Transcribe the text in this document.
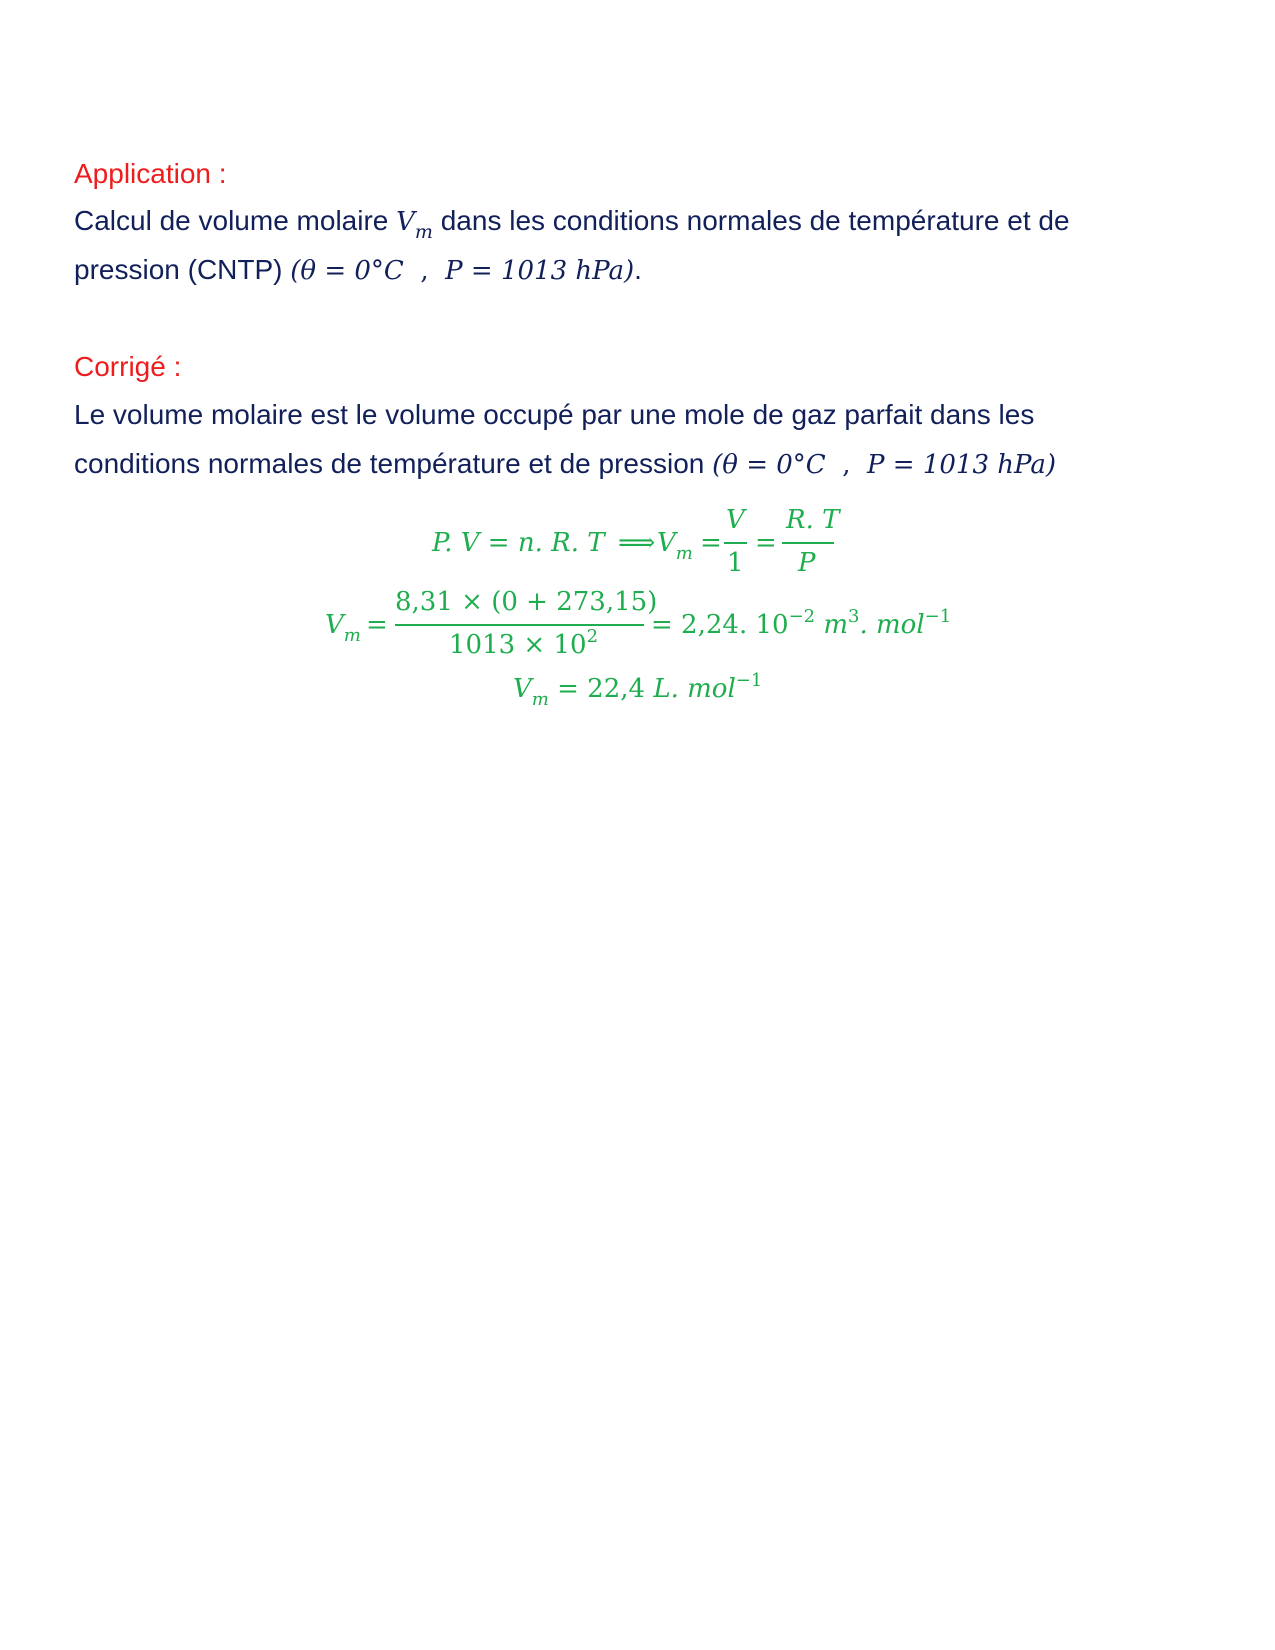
Application :
Calcul de volume molaire $V_m$ dans les conditions normales de température et de
pression (CNTP) (θ = 0°C  ,  P = 1013 hPa).
Corrigé :
Le volume molaire est le volume occupé par une mole de gaz parfait dans les
conditions normales de température et de pression (θ = 0°C  ,  P = 1013 hPa)
P. V = n. R. T ⟹ $V_m$ =
V
1
=
R. T
P
$V_m$ =
8,31 × (0 + 273,15)
$1013 \times 10^2 = 2,24$. $10^{-2}$ $m^3$. mol$^{-1}$
$V_m = 22,4$ L. mol$^{-1}$
